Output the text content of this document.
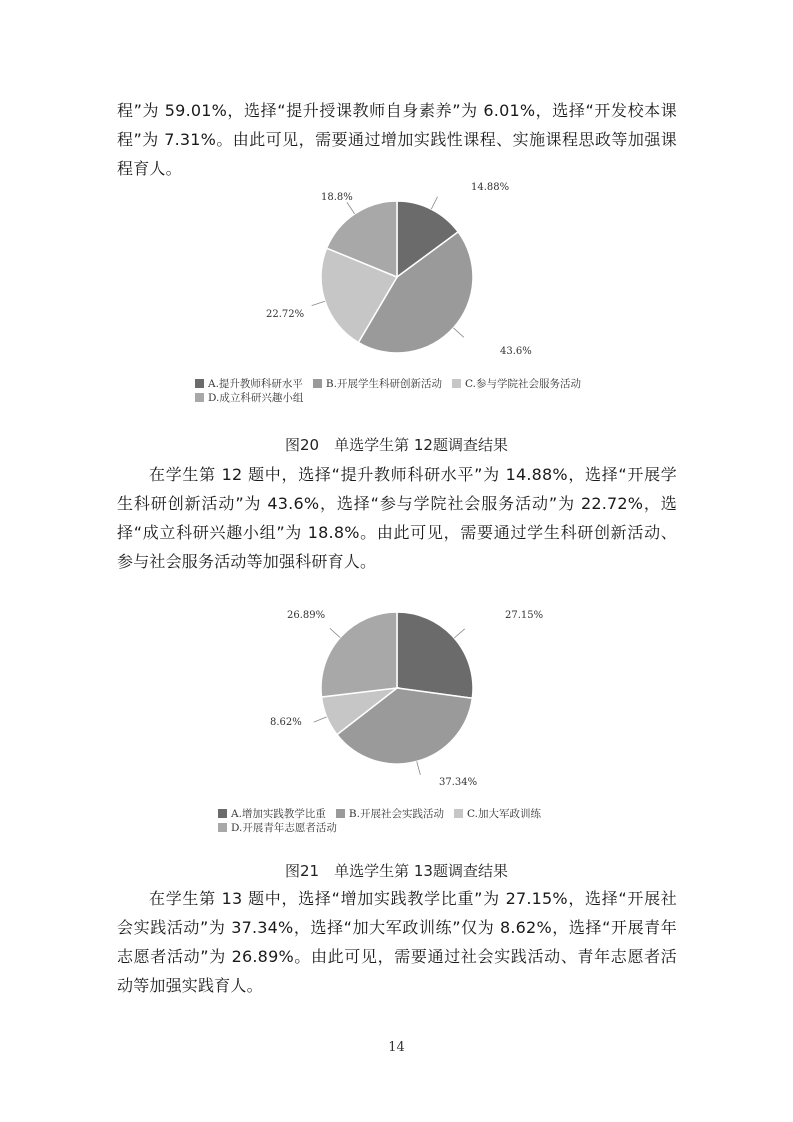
程”为 59.01%，选择“提升授课教师自身素养”为 6.01%，选择“开发校本课程”为 7.31%。由此可见，需要通过增加实践性课程、实施课程思政等加强课程育人。

14.88%
43.6%
22.72%
18.8%
A.提升教师科研水平 B.开展学生科研创新活动 C.参与学院社会服务活动
D.成立科研兴趣小组
图20　单选学生第 12题调查结果

在学生第 12 题中，选择“提升教师科研水平”为 14.88%，选择“开展学生科研创新活动”为 43.6%，选择“参与学院社会服务活动”为 22.72%，选择“成立科研兴趣小组”为 18.8%。由此可见，需要通过学生科研创新活动、参与社会服务活动等加强科研育人。

27.15%
37.34%
8.62%
26.89%
A.增加实践教学比重 B.开展社会实践活动 C.加大军政训练
D.开展青年志愿者活动
图21　单选学生第 13题调查结果

在学生第 13 题中，选择“增加实践教学比重”为 27.15%，选择“开展社会实践活动”为 37.34%，选择“加大军政训练”仅为 8.62%，选择“开展青年志愿者活动”为 26.89%。由此可见，需要通过社会实践活动、青年志愿者活动等加强实践育人。

14
